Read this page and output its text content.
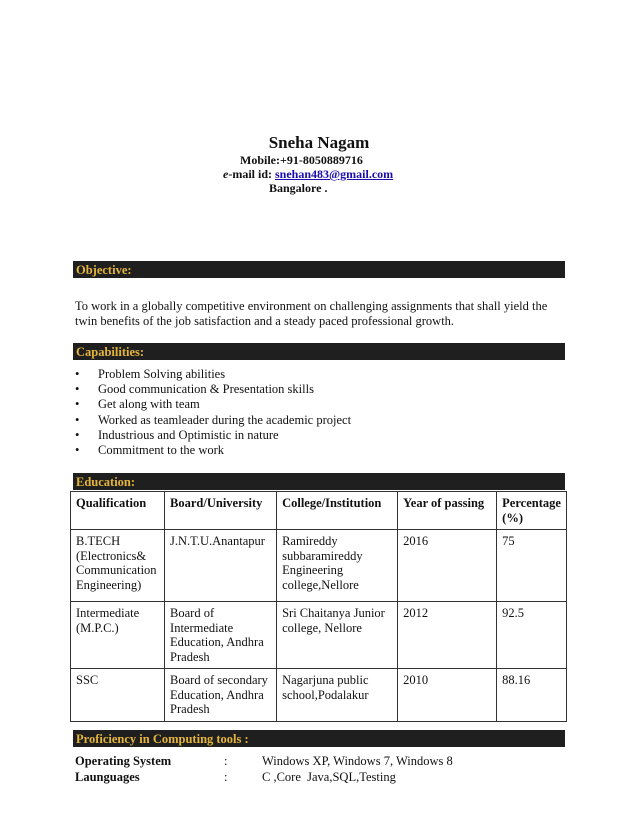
Sneha Nagam
Mobile:+91-8050889716
e-mail id: snehan483@gmail.com
Bangalore .
Objective:
To work in a globally competitive environment on challenging assignments that shall yield the twin benefits of the job satisfaction and a steady paced professional growth.
Capabilities:
• Problem Solving abilities
• Good communication & Presentation skills
• Get along with team
• Worked as teamleader during the academic project
• Industrious and Optimistic in nature
• Commitment to the work
Education:
Qualification	Board/University	College/Institution	Year of passing	Percentage (%)
B.TECH (Electronics& Communication Engineering)	J.N.T.U.Anantapur	Ramireddy subbaramireddy Engineering college,Nellore	2016	75
Intermediate (M.P.C.)	Board of Intermediate Education, Andhra Pradesh	Sri Chaitanya Junior college, Nellore	2012	92.5
SSC	Board of secondary Education, Andhra Pradesh	Nagarjuna public school,Podalakur	2010	88.16
Proficiency in Computing tools :
Operating System	:	Windows XP, Windows 7, Windows 8
Launguages	:	C ,Core  Java,SQL,Testing
